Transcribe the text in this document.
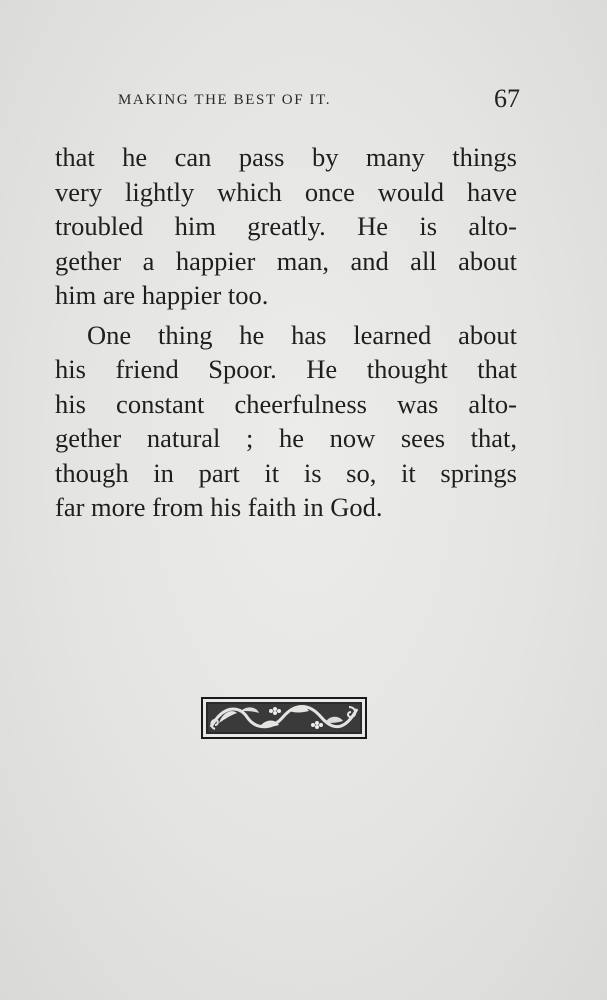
MAKING THE BEST OF IT.	67
that he can pass by many things
very lightly which once would have
troubled him greatly. He is alto-
gether a happier man, and all about
him are happier too.
One thing he has learned about
his friend Spoor. He thought that
his constant cheerfulness was alto-
gether natural ; he now sees that,
though in part it is so, it springs
far more from his faith in God.
